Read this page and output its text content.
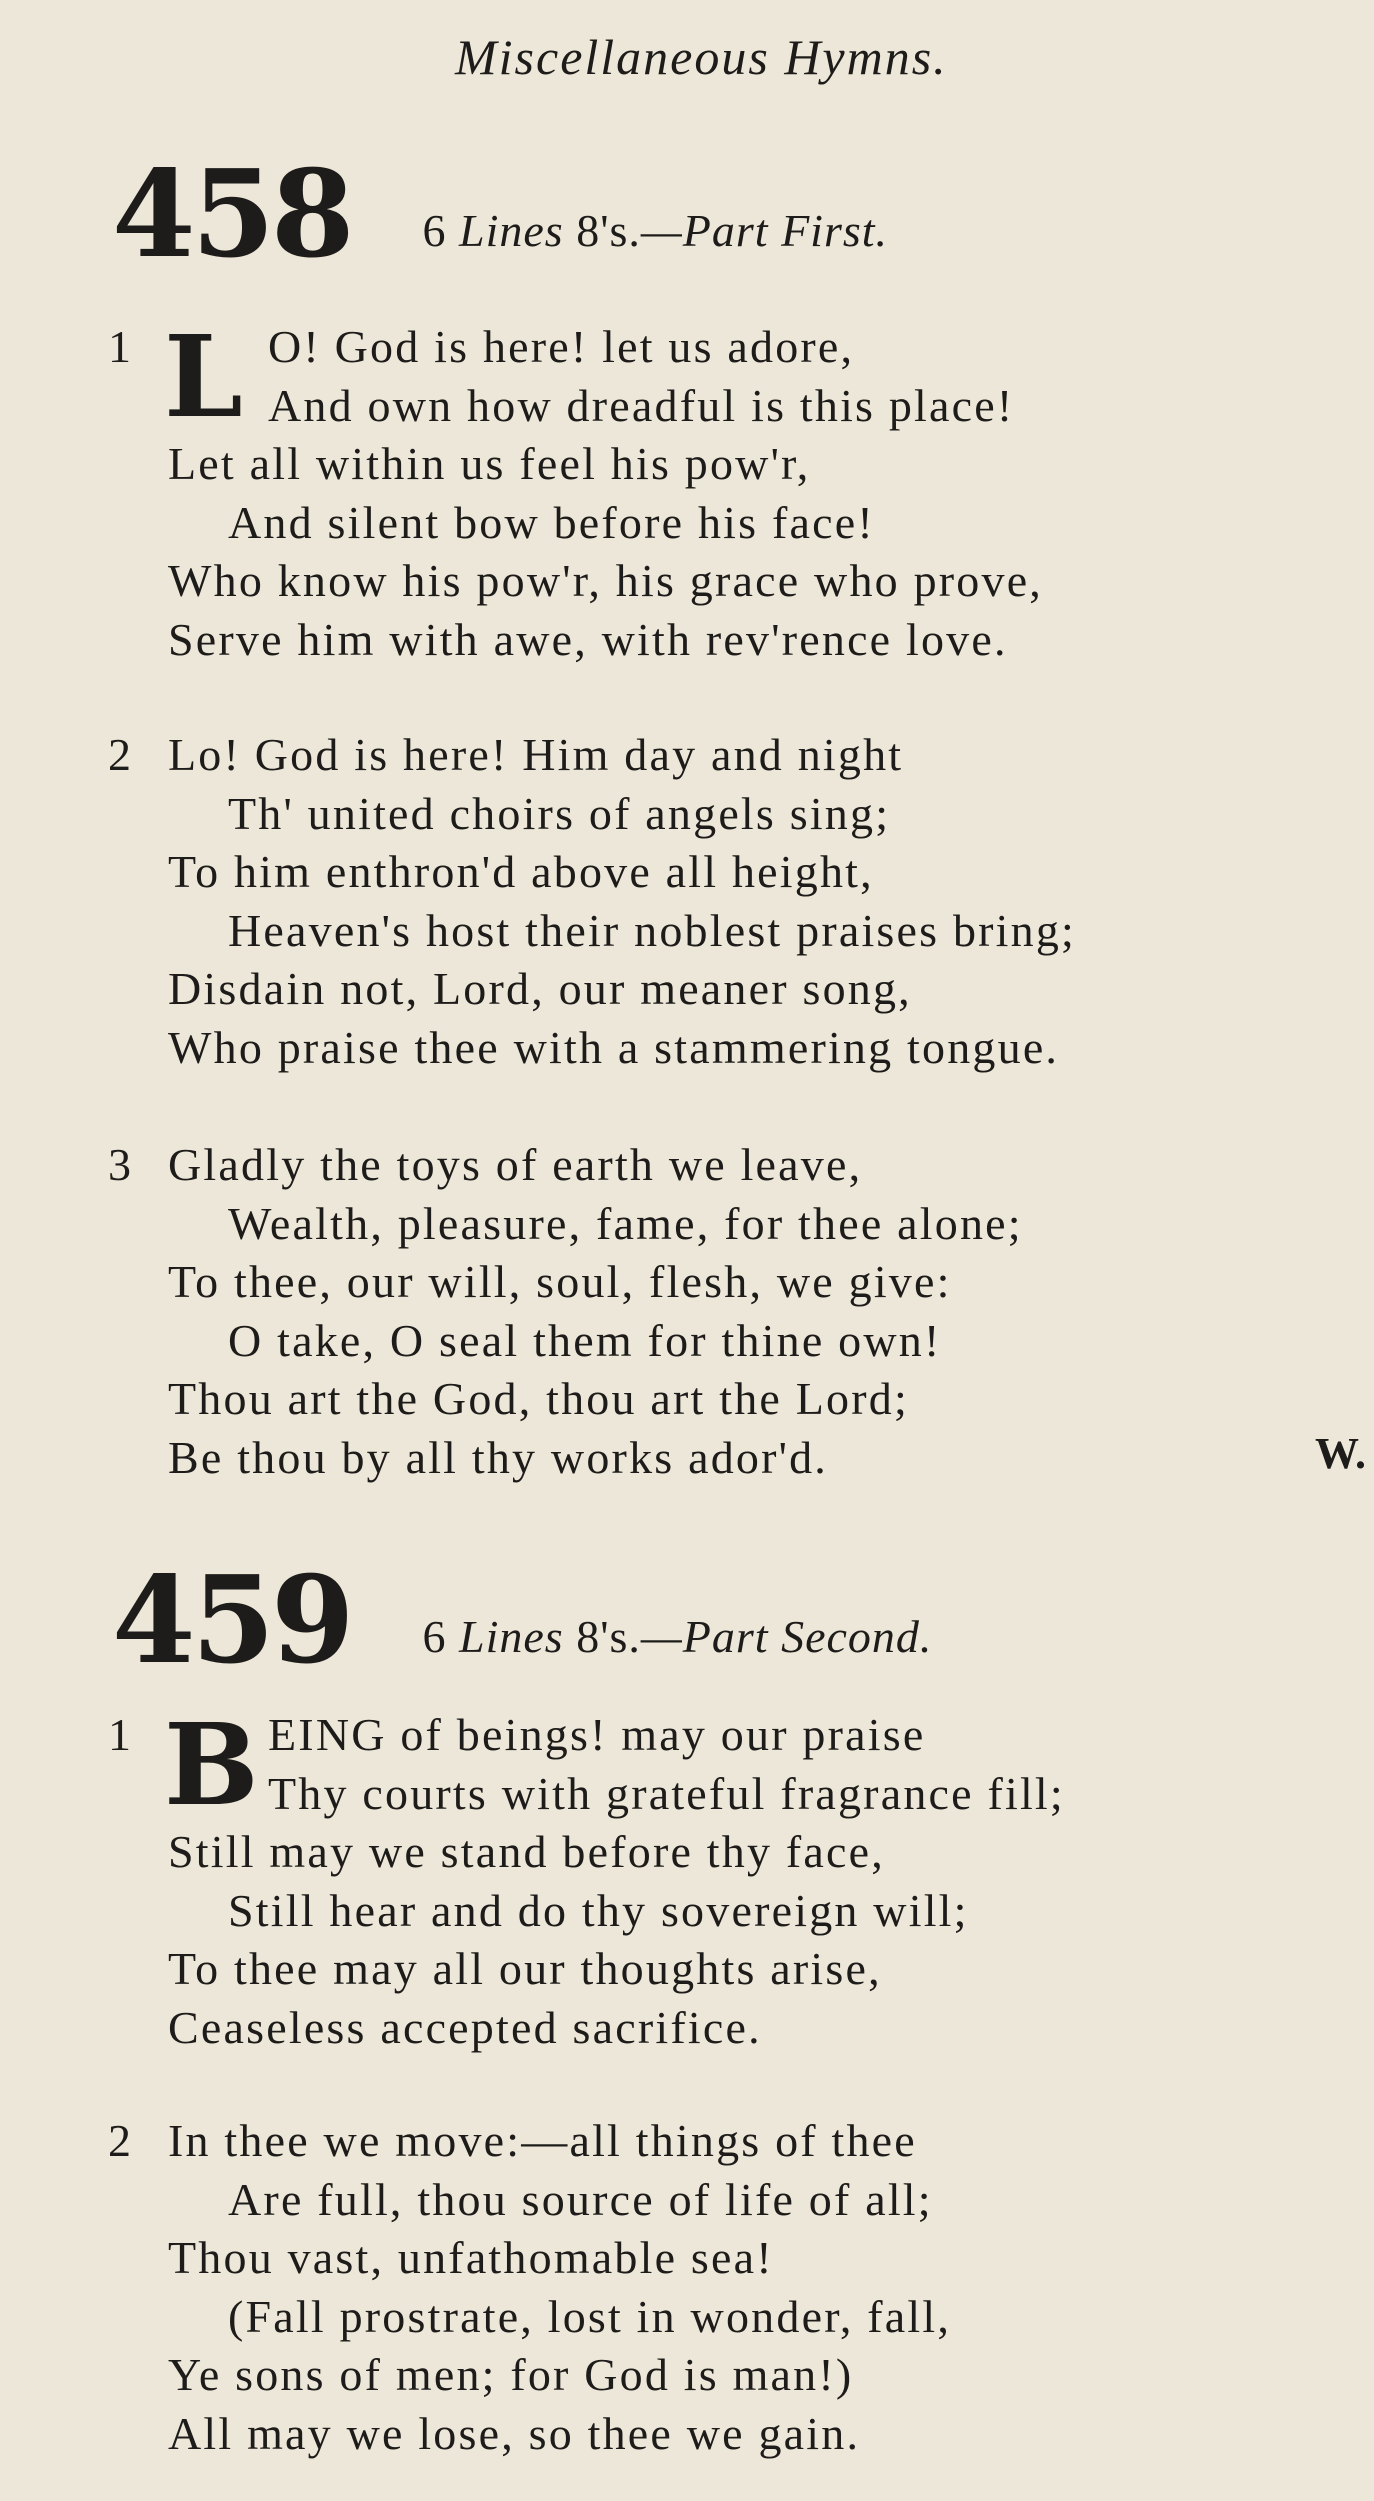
Miscellaneous Hymns.
458 6 Lines 8's.—Part First.
1 L O! God is here! let us adore,
And own how dreadful is this place!
Let all within us feel his pow'r,
And silent bow before his face!
Who know his pow'r, his grace who prove,
Serve him with awe, with rev'rence love.
2 Lo! God is here! Him day and night
Th' united choirs of angels sing;
To him enthron'd above all height,
Heaven's host their noblest praises bring;
Disdain not, Lord, our meaner song,
Who praise thee with a stammering tongue.
3 Gladly the toys of earth we leave,
Wealth, pleasure, fame, for thee alone;
To thee, our will, soul, flesh, we give:
O take, O seal them for thine own!
Thou art the God, thou art the Lord;
Be thou by all thy works ador'd.	W.
459 6 Lines 8's.—Part Second.
1 B EING of beings! may our praise
Thy courts with grateful fragrance fill;
Still may we stand before thy face,
Still hear and do thy sovereign will;
To thee may all our thoughts arise,
Ceaseless accepted sacrifice.
2 In thee we move:—all things of thee
Are full, thou source of life of all;
Thou vast, unfathomable sea!
(Fall prostrate, lost in wonder, fall,
Ye sons of men; for God is man!)
All may we lose, so thee we gain.
